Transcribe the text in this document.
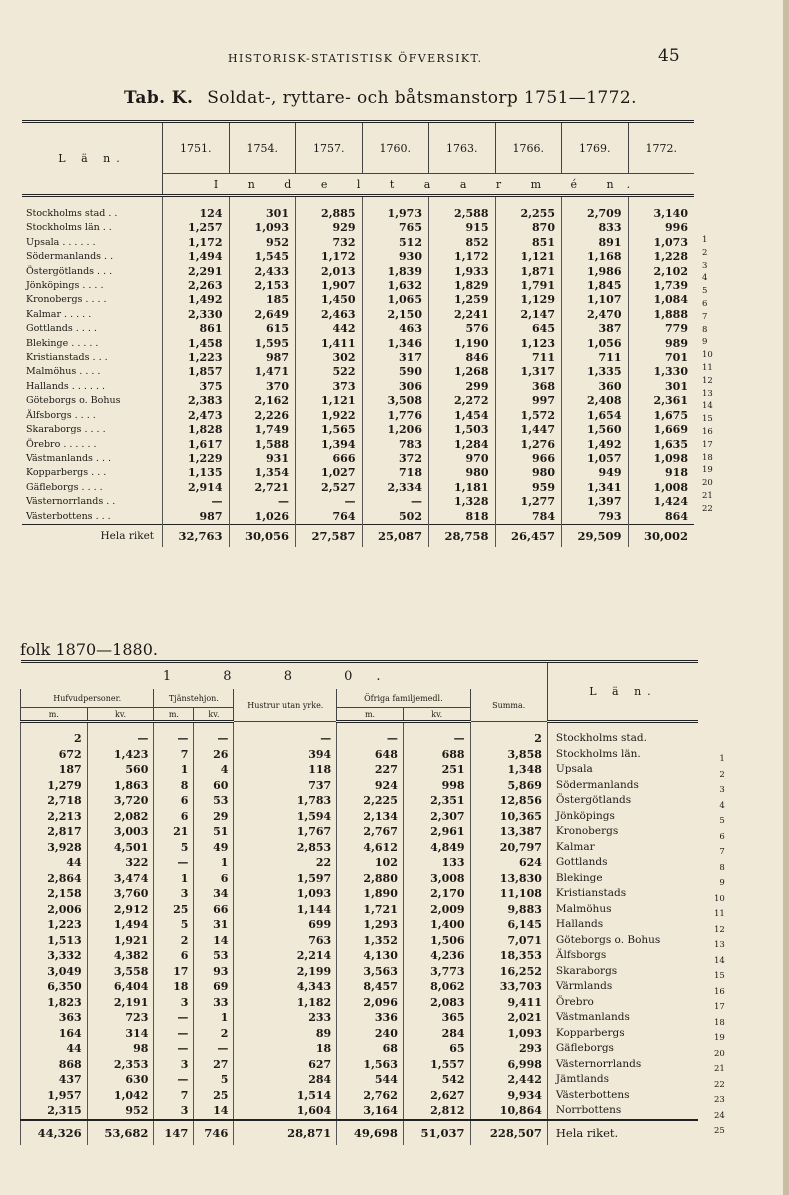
HISTORISK-STATISTISK ÖFVERSIKT.	45
Tab. K. Soldat-, ryttare- och båtsmanstorp 1751—1772.
L ä n.	1751.	1754.	1757.	1760.	1763.	1766.	1769.	1772.
	I n d e l t a a r m é n.							
Stockholms stad . .	124	301	2,885	1,973	2,588	2,255	2,709	3,140
Stockholms län . .	1,257	1,093	929	765	915	870	833	996
Upsala . . . . . .	1,172	952	732	512	852	851	891	1,073
Södermanlands . .	1,494	1,545	1,172	930	1,172	1,121	1,168	1,228
Östergötlands . . .	2,291	2,433	2,013	1,839	1,933	1,871	1,986	2,102
Jönköpings . . . .	2,263	2,153	1,907	1,632	1,829	1,791	1,845	1,739
Kronobergs . . . .	1,492	185	1,450	1,065	1,259	1,129	1,107	1,084
Kalmar . . . . .	2,330	2,649	2,463	2,150	2,241	2,147	2,470	1,888
Gottlands . . . .	861	615	442	463	576	645	387	779
Blekinge . . . . .	1,458	1,595	1,411	1,346	1,190	1,123	1,056	989
Kristianstads . . .	1,223	987	302	317	846	711	711	701
Malmöhus . . . .	1,857	1,471	522	590	1,268	1,317	1,335	1,330
Hallands . . . . . .	375	370	373	306	299	368	360	301
Göteborgs o. Bohus	2,383	2,162	1,121	3,508	2,272	997	2,408	2,361
Älfsborgs . . . .	2,473	2,226	1,922	1,776	1,454	1,572	1,654	1,675
Skaraborgs . . . .	1,828	1,749	1,565	1,206	1,503	1,447	1,560	1,669
Örebro . . . . . .	1,617	1,588	1,394	783	1,284	1,276	1,492	1,635
Västmanlands . . .	1,229	931	666	372	970	966	1,057	1,098
Kopparbergs . . .	1,135	1,354	1,027	718	980	980	949	918
Gäfleborgs . . . .	2,914	2,721	2,527	2,334	1,181	959	1,341	1,008
Västernorrlands . .	—	—	—	—	1,328	1,277	1,397	1,424
Västerbottens . . .	987	1,026	764	502	818	784	793	864
Hela riket	32,763	30,056	27,587	25,087	28,758	26,457	29,509	30,002
1
2
3
4
5
6
7
8
9
10
11
12
13
14
15
16
17
18
19
20
21
22
folk 1870—1880.
1 8 8 0.								L ä n.
Hufvudpersoner.		Tjänstehjon.		Hustrur utan yrke.	Öfriga familjemedl.		Summa.	
m.	kv.	m.	kv.		m.	kv.		
2	—	—	—	—	—	—	2	Stockholms stad.
672	1,423	7	26	394	648	688	3,858	Stockholms län.
187	560	1	4	118	227	251	1,348	Upsala
1,279	1,863	8	60	737	924	998	5,869	Södermanlands
2,718	3,720	6	53	1,783	2,225	2,351	12,856	Östergötlands
2,213	2,082	6	29	1,594	2,134	2,307	10,365	Jönköpings
2,817	3,003	21	51	1,767	2,767	2,961	13,387	Kronobergs
3,928	4,501	5	49	2,853	4,612	4,849	20,797	Kalmar
44	322	—	1	22	102	133	624	Gottlands
2,864	3,474	1	6	1,597	2,880	3,008	13,830	Blekinge
2,158	3,760	3	34	1,093	1,890	2,170	11,108	Kristianstads
2,006	2,912	25	66	1,144	1,721	2,009	9,883	Malmöhus
1,223	1,494	5	31	699	1,293	1,400	6,145	Hallands
1,513	1,921	2	14	763	1,352	1,506	7,071	Göteborgs o. Bohus
3,332	4,382	6	53	2,214	4,130	4,236	18,353	Älfsborgs
3,049	3,558	17	93	2,199	3,563	3,773	16,252	Skaraborgs
6,350	6,404	18	69	4,343	8,457	8,062	33,703	Värmlands
1,823	2,191	3	33	1,182	2,096	2,083	9,411	Örebro
363	723	—	1	233	336	365	2,021	Västmanlands
164	314	—	2	89	240	284	1,093	Kopparbergs
44	98	—	—	18	68	65	293	Gäfleborgs
868	2,353	3	27	627	1,563	1,557	6,998	Västernorrlands
437	630	—	5	284	544	542	2,442	Jämtlands
1,957	1,042	7	25	1,514	2,762	2,627	9,934	Västerbottens
2,315	952	3	14	1,604	3,164	2,812	10,864	Norrbottens
44,326	53,682	147	746	28,871	49,698	51,037	228,507	Hela riket.
1
2
3
4
5
6
7
8
9
10
11
12
13
14
15
16
17
18
19
20
21
22
23
24
25
